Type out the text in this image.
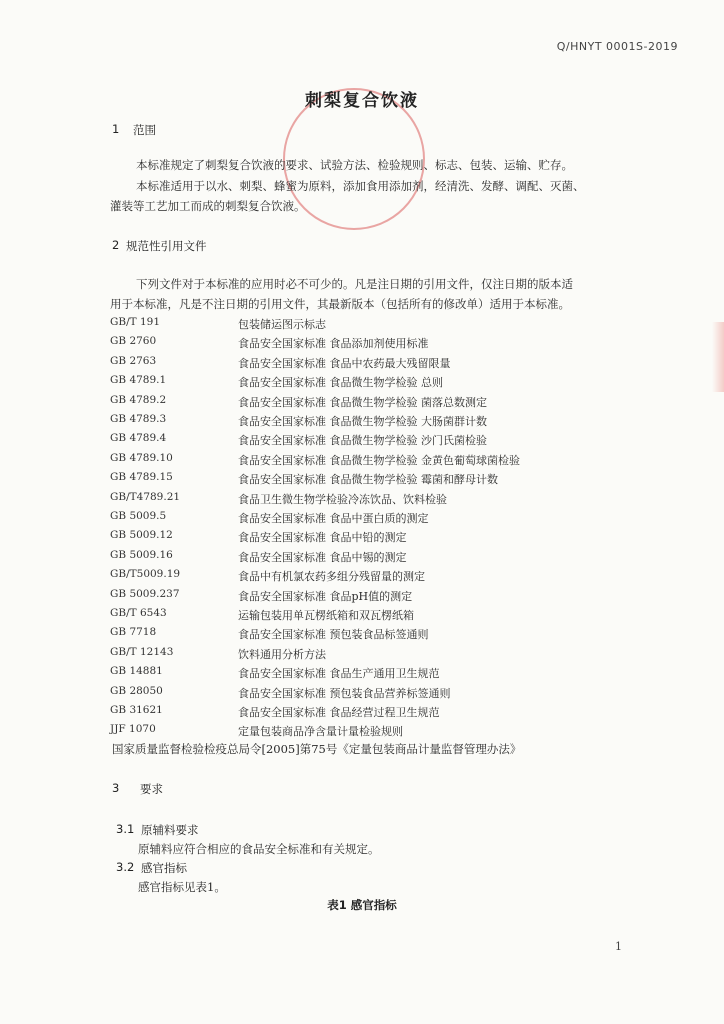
Q/HNYT 0001S-2019
刺梨复合饮液
1 范围
本标准规定了刺梨复合饮液的要求、试验方法、检验规则、标志、包装、运输、贮存。
本标准适用于以水、刺梨、蜂蜜为原料，添加食用添加剂，经清洗、发酵、调配、灭菌、
灌装等工艺加工而成的刺梨复合饮液。
2 规范性引用文件
下列文件对于本标准的应用时必不可少的。凡是注日期的引用文件，仅注日期的版本适
用于本标准，凡是不注日期的引用文件，其最新版本（包括所有的修改单）适用于本标准。
GB/T 191	包装储运图示标志
GB 2760	食品安全国家标准 食品添加剂使用标准
GB 2763	食品安全国家标准 食品中农药最大残留限量
GB 4789.1	食品安全国家标准 食品微生物学检验 总则
GB 4789.2	食品安全国家标准 食品微生物学检验 菌落总数测定
GB 4789.3	食品安全国家标准 食品微生物学检验 大肠菌群计数
GB 4789.4	食品安全国家标准 食品微生物学检验 沙门氏菌检验
GB 4789.10	食品安全国家标准 食品微生物学检验 金黄色葡萄球菌检验
GB 4789.15	食品安全国家标准 食品微生物学检验 霉菌和酵母计数
GB/T4789.21	食品卫生微生物学检验冷冻饮品、饮料检验
GB 5009.5	食品安全国家标准 食品中蛋白质的测定
GB 5009.12	食品安全国家标准 食品中铅的测定
GB 5009.16	食品安全国家标准 食品中锡的测定
GB/T5009.19	食品中有机氯农药多组分残留量的测定
GB 5009.237	食品安全国家标准 食品pH值的测定
GB/T 6543	运输包装用单瓦楞纸箱和双瓦楞纸箱
GB 7718	食品安全国家标准 预包装食品标签通则
GB/T 12143	饮料通用分析方法
GB 14881	食品安全国家标准 食品生产通用卫生规范
GB 28050	食品安全国家标准 预包装食品营养标签通则
GB 31621	食品安全国家标准 食品经营过程卫生规范
JJF 1070	定量包装商品净含量计量检验规则
国家质量监督检验检疫总局令[2005]第75号《定量包装商品计量监督管理办法》
3 要求
3.1 原辅料要求
原辅料应符合相应的食品安全标准和有关规定。
3.2 感官指标
感官指标见表1。
表1 感官指标
1
